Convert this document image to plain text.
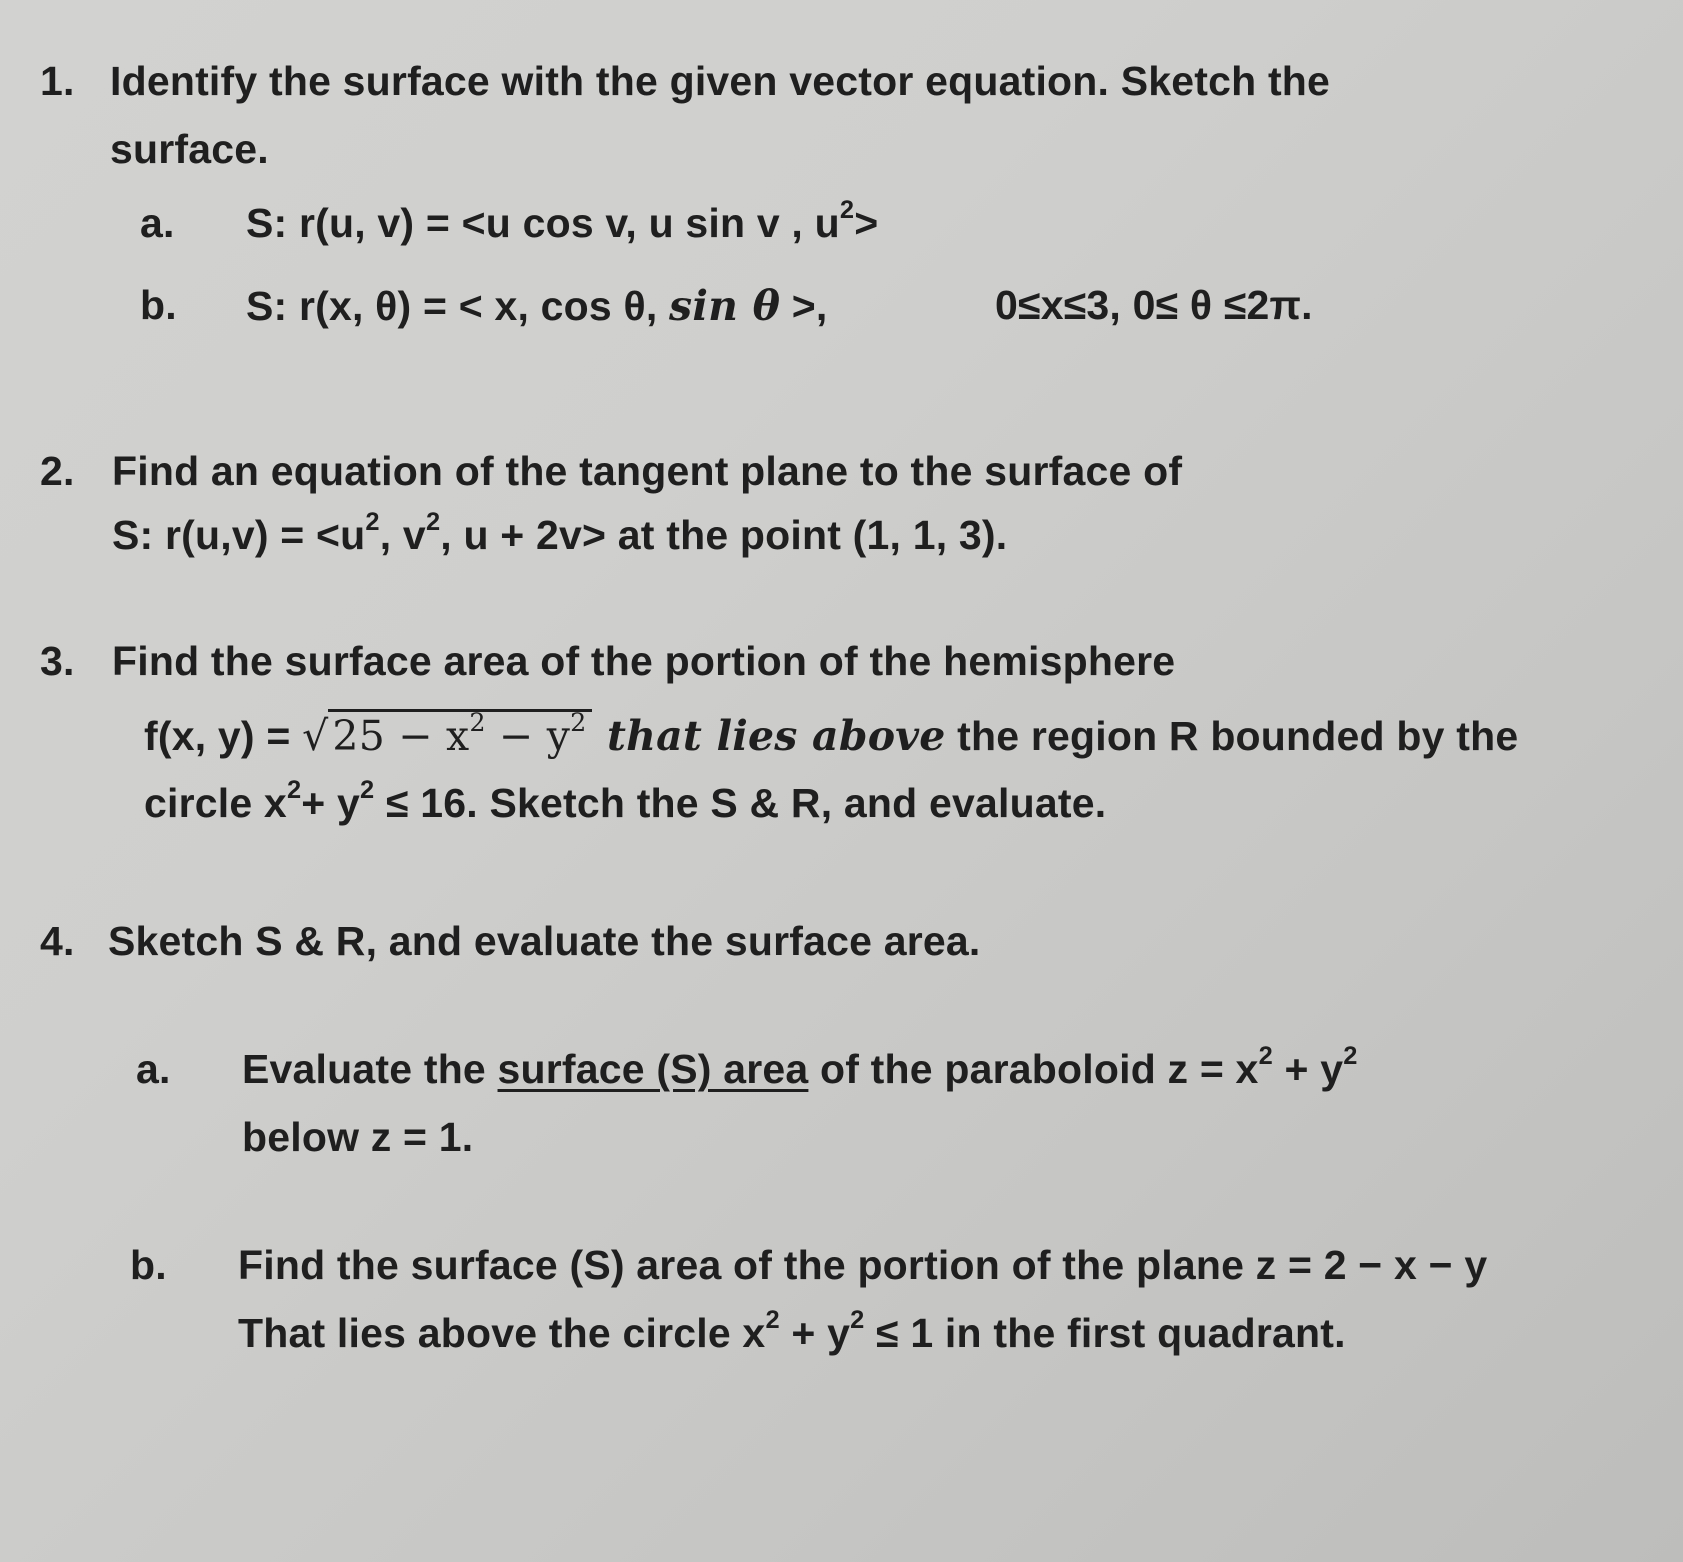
1. Identify the surface with the given vector equation. Sketch the
surface.
a. S: r(u, v) = <u cos v, u sin v , $u^2>$
b. S: r(x, θ) = < x, cos θ, sin θ >,	0≤x≤3, 0≤ θ ≤2π.
2. Find an equation of the tangent plane to the surface of
S: $r(u,v) = <u^2$, $v^2$, u + 2v> at the point (1, 1, 3).
3. Find the surface area of the portion of the hemisphere
f(x, $y) = √25 - x^2 - y^2$ that lies above the region R bounded by the
circle $x^2+ y^2 \le 16$. Sketch the S & R, and evaluate.
4. Sketch S & R, and evaluate the surface area.
a. Evaluate the surface (S) area of the paraboloid $z = x^2 + y^2$
below z = 1.
b. Find the surface (S) area of the portion of the plane z = 2 − x − y
That lies above the circle $x^2 + y^2 \le 1$ in the first quadrant.
